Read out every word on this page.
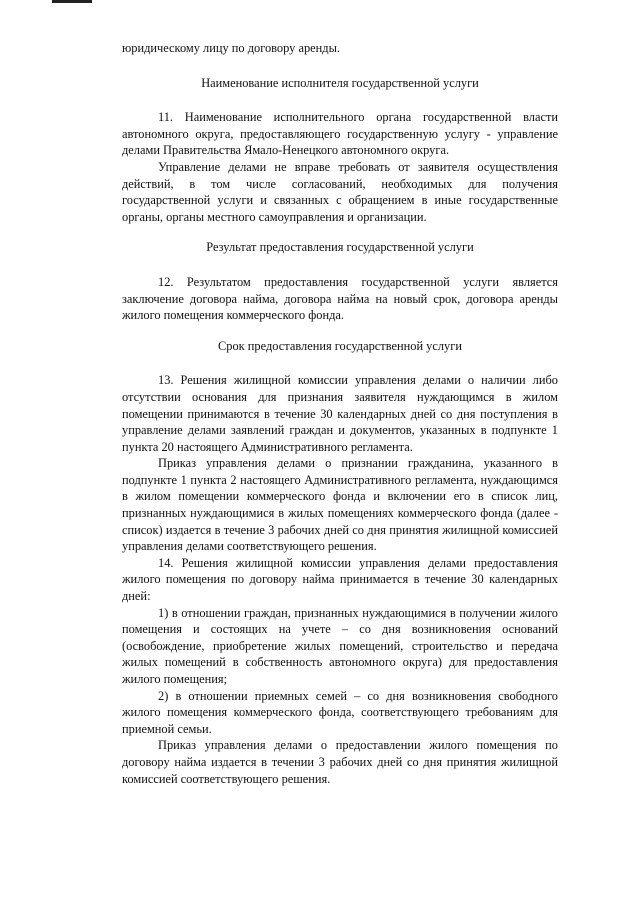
юридическому лицу по договору аренды.

Наименование исполнителя государственной услуги

11. Наименование исполнительного органа государственной власти автономного округа, предоставляющего государственную услугу - управление делами Правительства Ямало-Ненецкого автономного округа.

Управление делами не вправе требовать от заявителя осуществления действий, в том числе согласований, необходимых для получения государственной услуги и связанных с обращением в иные государственные органы, органы местного самоуправления и организации.

Результат предоставления государственной услуги

12. Результатом предоставления государственной услуги является заключение договора найма, договора найма на новый срок, договора аренды жилого помещения коммерческого фонда.

Срок предоставления государственной услуги

13. Решения жилищной комиссии управления делами о наличии либо отсутствии основания для признания заявителя нуждающимся в жилом помещении принимаются в течение 30 календарных дней со дня поступления в управление делами заявлений граждан и документов, указанных в подпункте 1 пункта 20 настоящего Административного регламента.

Приказ управления делами о признании гражданина, указанного в подпункте 1 пункта 2 настоящего Административного регламента, нуждающимся в жилом помещении коммерческого фонда и включении его в список лиц, признанных нуждающимися в жилых помещениях коммерческого фонда (далее - список) издается в течение 3 рабочих дней со дня принятия жилищной комиссией управления делами соответствующего решения.

14. Решения жилищной комиссии управления делами предоставления жилого помещения по договору найма принимается в течение 30 календарных дней:

1) в отношении граждан, признанных нуждающимися в получении жилого помещения и состоящих на учете – со дня возникновения оснований (освобождение, приобретение жилых помещений, строительство и передача жилых помещений в собственность автономного округа) для предоставления жилого помещения;

2) в отношении приемных семей – со дня возникновения свободного жилого помещения коммерческого фонда, соответствующего требованиям для приемной семьи.

Приказ управления делами о предоставлении жилого помещения по договору найма издается в течении 3 рабочих дней со дня принятия жилищной комиссией соответствующего решения.
